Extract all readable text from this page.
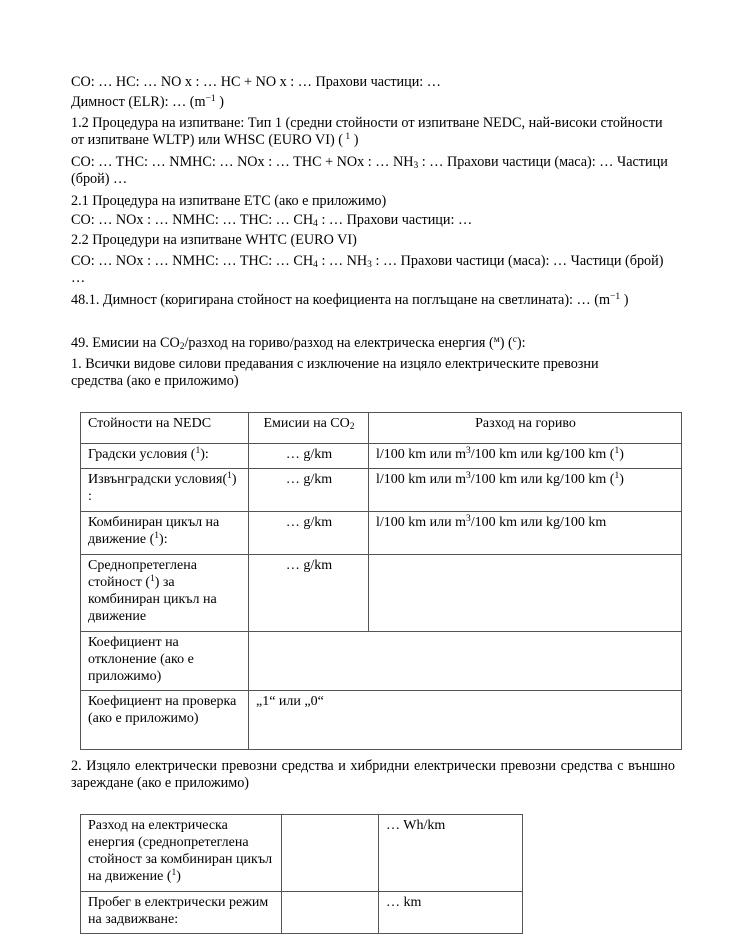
CO: … HC: … NO x : … HC + NO x : … Прахови частици: …
Димност (ELR): … ($m^{-1}$ )
1.2 Процедура на изпитване: Тип 1 (средни стойности от изпитване NEDC, най-високи стойности от изпитване WLTP) или WHSC (EURO VI) ( $^1$ )
CO: … THC: … NMHC: … NOx : … THC + NOx : … $NH_3$ : … Прахови частици (маса): … Частици (брой) …
2.1 Процедура на изпитване ETC (ако е приложимо)
CO: … NOx : … NMHC: … THC: … $CH_4$ : … Прахови частици: …
2.2 Процедури на изпитване WHTC (EURO VI)
CO: … NOx : … NMHC: … THC: … $CH_4$ : … $NH_3$ : … Прахови частици (маса): … Частици (брой) …
48.1. Димност (коригирана стойност на коефициента на поглъщане на светлината): … ($m^{-1}$ )
49. Емисии на $CO_2$/разход на гориво/разход на електрическа енергия ($^м$) ($^c$):
1. Всички видове силови предавания с изключение на изцяло електрическите превозни средства (ако е приложимо)
Стойности на NEDC	Емисии на $CO_2$	Разход на гориво
Градски условия ($^1$):	… g/km	l/100 km или $m^3/100$ km или kg/100 km ($^1$)
Извънградски условия($^1$) :	… g/km	l/100 km или $m^3/100$ km или kg/100 km ($^1$)
Комбиниран цикъл на движение ($^1$):	… g/km	l/100 km или $m^3/100$ km или kg/100 km
Среднопретеглена стойност ($^1$) за комбиниран цикъл на движение	… g/km	
Коефициент на отклонение (ако е приложимо)		
Коефициент на проверка (ако е приложимо)	„1“ или „0“	
2. Изцяло електрически превозни средства и хибридни електрически превозни средства с външно зареждане (ако е приложимо)
Разход на електрическа енергия (среднопретеглена стойност за комбиниран цикъл на движение ($^1$)		… Wh/km
Пробег в електрически режим на задвижване:		… km
